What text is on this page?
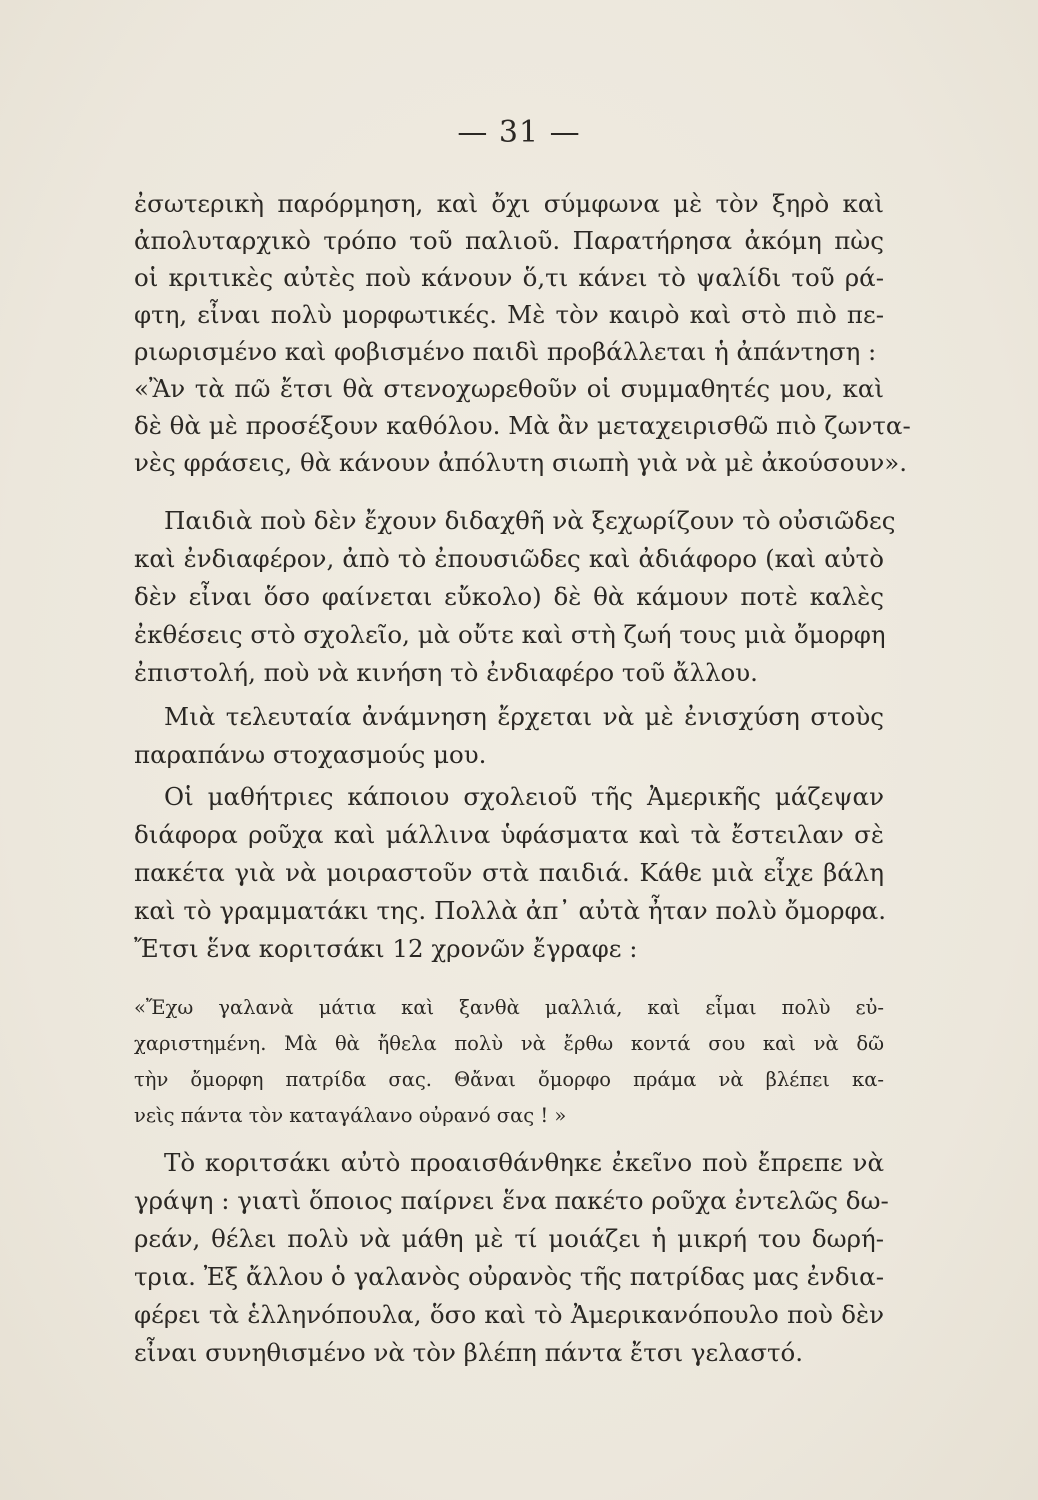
— 31 —
ἐσωτερικὴ παρόρμηση, καὶ ὄχι σύμφωνα μὲ τὸν ξηρὸ καὶ
ἀπολυταρχικὸ τρόπο τοῦ παλιοῦ. Παρατήρησα ἀκόμη πὼς
οἱ κριτικὲς αὐτὲς ποὺ κάνουν ὅ,τι κάνει τὸ ψαλίδι τοῦ ρά-
φτη, εἶναι πολὺ μορφωτικές. Μὲ τὸν καιρὸ καὶ στὸ πιὸ πε-
ριωρισμένο καὶ φοβισμένο παιδὶ προβάλλεται ἡ ἀπάντηση :
«Ἂν τὰ πῶ ἔτσι θὰ στενοχωρεθοῦν οἱ συμμαθητές μου, καὶ
δὲ θὰ μὲ προσέξουν καθόλου. Μὰ ἂν μεταχειρισθῶ πιὸ ζωντα-
νὲς φράσεις, θὰ κάνουν ἀπόλυτη σιωπὴ γιὰ νὰ μὲ ἀκούσουν».
Παιδιὰ ποὺ δὲν ἔχουν διδαχθῆ νὰ ξεχωρίζουν τὸ οὐσιῶδες
καὶ ἐνδιαφέρον, ἀπὸ τὸ ἐπουσιῶδες καὶ ἀδιάφορο (καὶ αὐτὸ
δὲν εἶναι ὅσο φαίνεται εὔκολο) δὲ θὰ κάμουν ποτὲ καλὲς
ἐκθέσεις στὸ σχολεῖο, μὰ οὔτε καὶ στὴ ζωή τους μιὰ ὄμορφη
ἐπιστολή, ποὺ νὰ κινήση τὸ ἐνδιαφέρο τοῦ ἄλλου.
Μιὰ τελευταία ἀνάμνηση ἔρχεται νὰ μὲ ἐνισχύση στοὺς
παραπάνω στοχασμούς μου.
Οἱ μαθήτριες κάποιου σχολειοῦ τῆς Ἀμερικῆς μάζεψαν
διάφορα ροῦχα καὶ μάλλινα ὑφάσματα καὶ τὰ ἔστειλαν σὲ
πακέτα γιὰ νὰ μοιραστοῦν στὰ παιδιά. Κάθε μιὰ εἶχε βάλη
καὶ τὸ γραμματάκι της. Πολλὰ ἀπ᾿ αὐτὰ ἦταν πολὺ ὄμορφα.
Ἔτσι ἕνα κοριτσάκι 12 χρονῶν ἔγραφε :
«Ἔχω γαλανὰ μάτια καὶ ξανθὰ μαλλιά, καὶ εἶμαι πολὺ εὐ-
χαριστημένη. Μὰ θὰ ἤθελα πολὺ νὰ ἔρθω κοντά σου καὶ νὰ δῶ
τὴν ὄμορφη πατρίδα σας. Θἄναι ὄμορφο πράμα νὰ βλέπει κα-
νεὶς πάντα τὸν καταγάλανο οὐρανό σας ! »
Τὸ κοριτσάκι αὐτὸ προαισθάνθηκε ἐκεῖνο ποὺ ἔπρεπε νὰ
γράψη : γιατὶ ὅποιος παίρνει ἕνα πακέτο ροῦχα ἐντελῶς δω-
ρεάν, θέλει πολὺ νὰ μάθη μὲ τί μοιάζει ἡ μικρή του δωρή-
τρια. Ἐξ ἄλλου ὁ γαλανὸς οὐρανὸς τῆς πατρίδας μας ἐνδια-
φέρει τὰ ἑλληνόπουλα, ὅσο καὶ τὸ Ἀμερικανόπουλο ποὺ δὲν
εἶναι συνηθισμένο νὰ τὸν βλέπη πάντα ἔτσι γελαστό.
